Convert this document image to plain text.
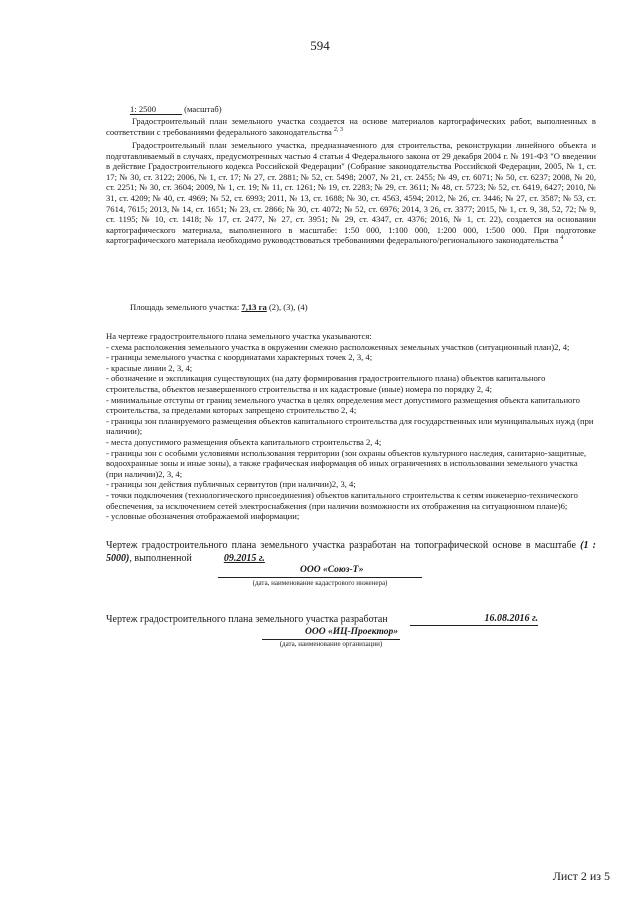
594
1: 2500	(масштаб)

Градостроительный план земельного участка создается на основе материалов картографических работ, выполненных в соответствии с требованиями федерального законодательства $^{2, 3}$

Градостроительный план земельного участка, предназначенного для строительства, реконструкции линейного объекта и подготавливаемый в случаях, предусмотренных частью 4 статьи 4 Федерального закона от 29 декабря 2004 г. № 191-ФЗ "О введении в действие Градостроительного кодекса Российской Федерации" (Собрание законодательства Российской Федерации, 2005, № 1, ст. 17; № 30, ст. 3122; 2006, № 1, ст. 17; № 27, ст. 2881; № 52, ст. 5498; 2007, № 21, ст. 2455; № 49, ст. 6071; № 50, ст. 6237; 2008, № 20, ст. 2251; № 30, ст. 3604; 2009, № 1, ст. 19; № 11, ст. 1261; № 19, ст. 2283; № 29, ст. 3611; № 48, ст. 5723; № 52, ст. 6419, 6427; 2010, № 31, ст. 4209; № 40, ст. 4969; № 52, ст. 6993; 2011, № 13, ст. 1688; № 30, ст. 4563, 4594; 2012, № 26, ст. 3446; № 27, ст. 3587; № 53, ст. 7614, 7615; 2013, № 14, ст. 1651; № 23, ст. 2866; № 30, ст. 4072; № 52, ст. 6976; 2014, 3 26, ст. 3377; 2015, № 1, ст. 9, 38, 52, 72; № 9, ст. 1195; № 10, ст. 1418; № 17, ст. 2477, № 27, ст. 3951; № 29, ст. 4347, ст. 4376; 2016, № 1, ст. 22), создается на основании картографического материала, выполненного в масштабе: 1:50 000, 1:100 000, 1:200 000, 1:500 000. При подготовке картографического материала необходимо руководствоваться требованиями федерального/регионального законодательства $^4$

Площадь земельного участка: 7,13 га (2), (3), (4)

На чертеже градостроительного плана земельного участка указываются:

- схема расположения земельного участка в окружении смежно расположенных земельных участков (ситуационный план)2, 4;

- границы земельного участка с координатами характерных точек 2, 3, 4;

- красные линии 2, 3, 4;

- обозначение и экспликация существующих (на дату формирования градостроительного плана) объектов капитального строительства, объектов незавершенного строительства и их кадастровые (иные) номера по порядку 2, 4;

- минимальные отступы от границ земельного участка в целях определения мест допустимого размещения объекта капитального строительства, за пределами которых запрещено строительство 2, 4;

- границы зон планируемого размещения объектов капитального строительства для государственных или муниципальных нужд (при наличии);

- места допустимого размещения объекта капитального строительства 2, 4;

- границы зон с особыми условиями использования территории (зон охраны объектов культурного наследия, санитарно-защитные, водоохранные зоны и иные зоны), а также графическая информация об иных ограничениях в использовании земельного участка (при наличии)2, 3, 4;

- границы зон действия публичных сервитутов (при наличии)2, 3, 4;

- точки подключения (технологического присоединения) объектов капитального строительства к сетям инженерно-технического обеспечения, за исключением сетей электроснабжения (при наличии возможности их отображения на ситуационном плане)6;

- условные обозначения отображаемой информации;

Чертеж градостроительного плана земельного участка разработан на топографической основе в масштабе (1 : 5000), выполненной	09.2015 г.
ООО «Союз-Т»
(дата, наименование кадастрового инженера)
Чертеж градостроительного плана земельного участка разработан	16.08.2016 г.
ООО «ИЦ-Проектор»
(дата, наименование организации)
Лист 2 из 5
